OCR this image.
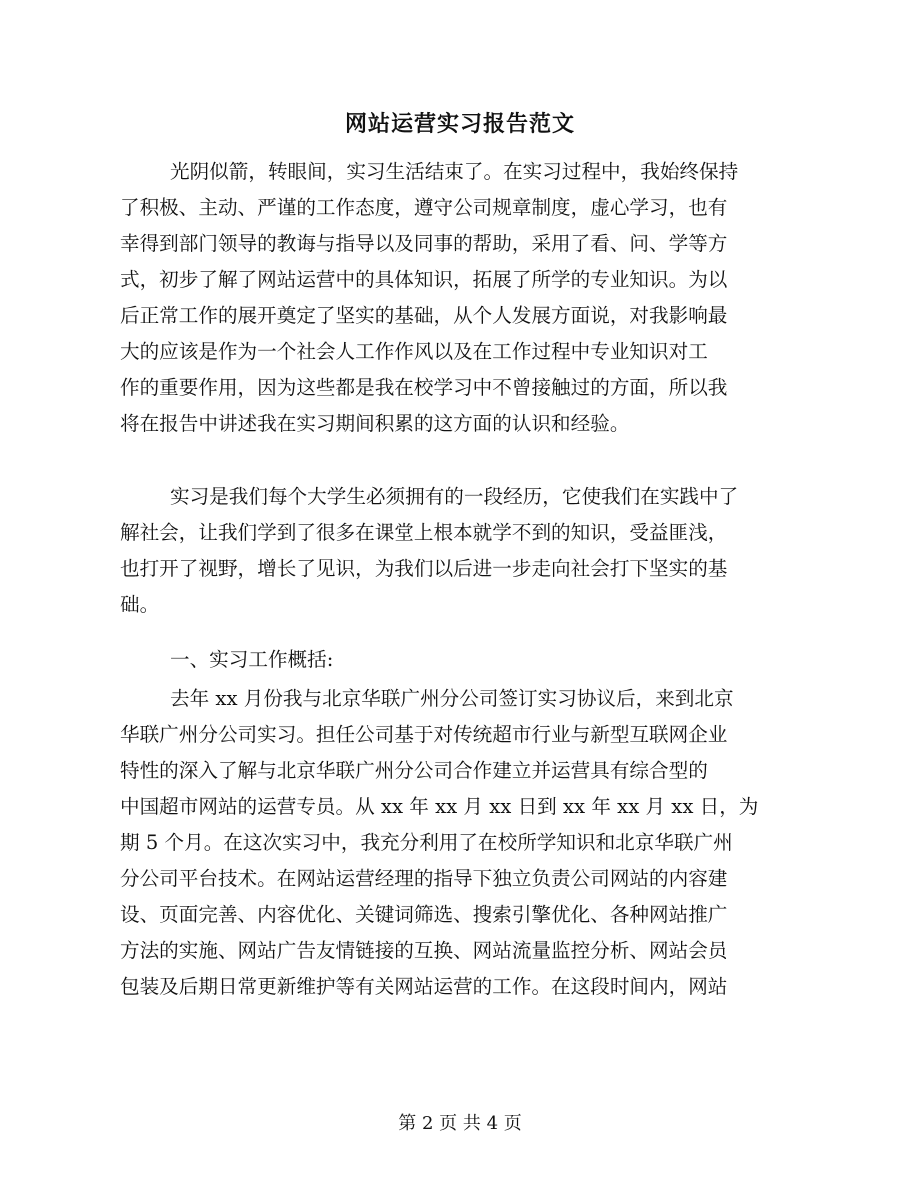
网站运营实习报告范文
光阴似箭，转眼间，实习生活结束了。在实习过程中，我始终保持
了积极、主动、严谨的工作态度，遵守公司规章制度，虚心学习，也有
幸得到部门领导的教诲与指导以及同事的帮助，采用了看、问、学等方
式，初步了解了网站运营中的具体知识，拓展了所学的专业知识。为以
后正常工作的展开奠定了坚实的基础，从个人发展方面说，对我影响最
大的应该是作为一个社会人工作作风以及在工作过程中专业知识对工
作的重要作用，因为这些都是我在校学习中不曾接触过的方面，所以我
将在报告中讲述我在实习期间积累的这方面的认识和经验。
实习是我们每个大学生必须拥有的一段经历，它使我们在实践中了
解社会，让我们学到了很多在课堂上根本就学不到的知识，受益匪浅，
也打开了视野，增长了见识，为我们以后进一步走向社会打下坚实的基
础。
一、实习工作概括:
去年 xx 月份我与北京华联广州分公司签订实习协议后，来到北京
华联广州分公司实习。担任公司基于对传统超市行业与新型互联网企业
特性的深入了解与北京华联广州分公司合作建立并运营具有综合型的
中国超市网站的运营专员。从 xx 年 xx 月 xx 日到 xx 年 xx 月 xx 日，为
期 5 个月。在这次实习中，我充分利用了在校所学知识和北京华联广州
分公司平台技术。在网站运营经理的指导下独立负责公司网站的内容建
设、页面完善、内容优化、关键词筛选、搜索引擎优化、各种网站推广
方法的实施、网站广告友情链接的互换、网站流量监控分析、网站会员
包装及后期日常更新维护等有关网站运营的工作。在这段时间内，网站
第 2 页 共 4 页
